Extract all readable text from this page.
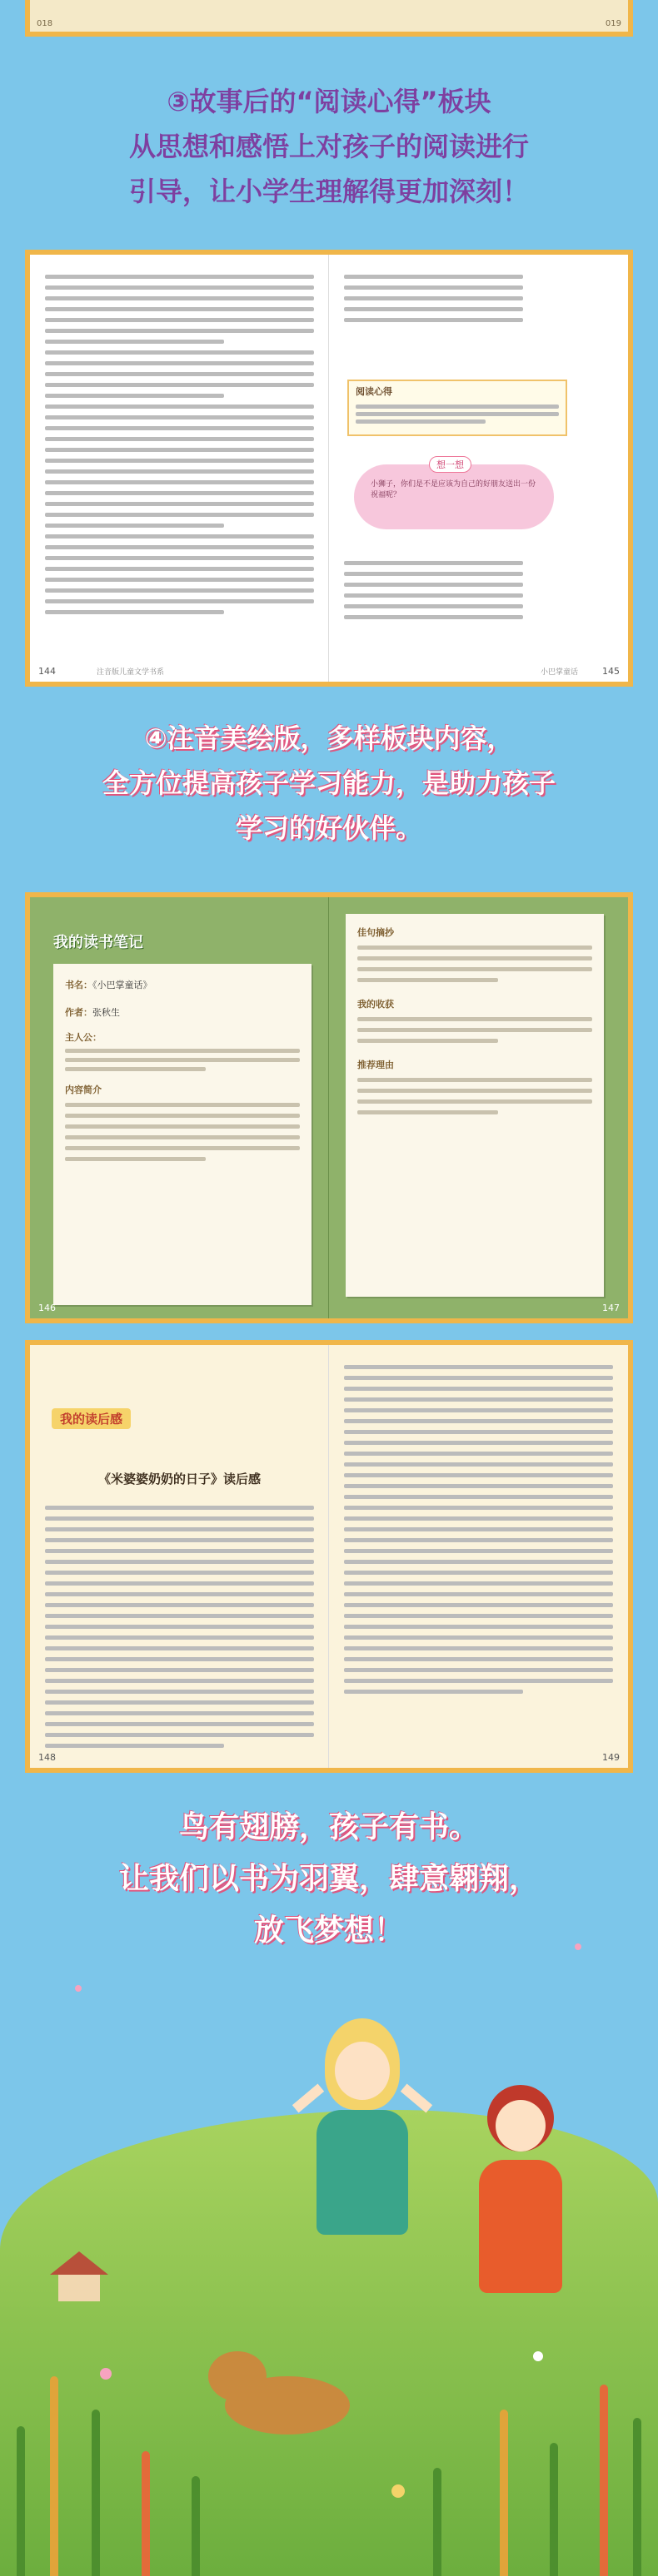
018	019
③故事后的“阅读心得”板块
从思想和感悟上对孩子的阅读进行
引导，让小学生理解得更加深刻！
144	注音版儿童文学书系
阅读心得
想一想
小狮子，你们是不是应该为自己的好朋友送出一份祝福呢？
小巴掌童话	145
④注音美绘版，多样板块内容，
全方位提高孩子学习能力，是助力孩子
学习的好伙伴。
我的读书笔记
书名：《小巴掌童话》
作者：张秋生
主人公：
内容简介
146
佳句摘抄
我的收获
推荐理由
147
我的读后感
《米婆婆奶奶的日子》读后感
148	149
鸟有翅膀，孩子有书。
让我们以书为羽翼，肆意翱翔，
放飞梦想！
